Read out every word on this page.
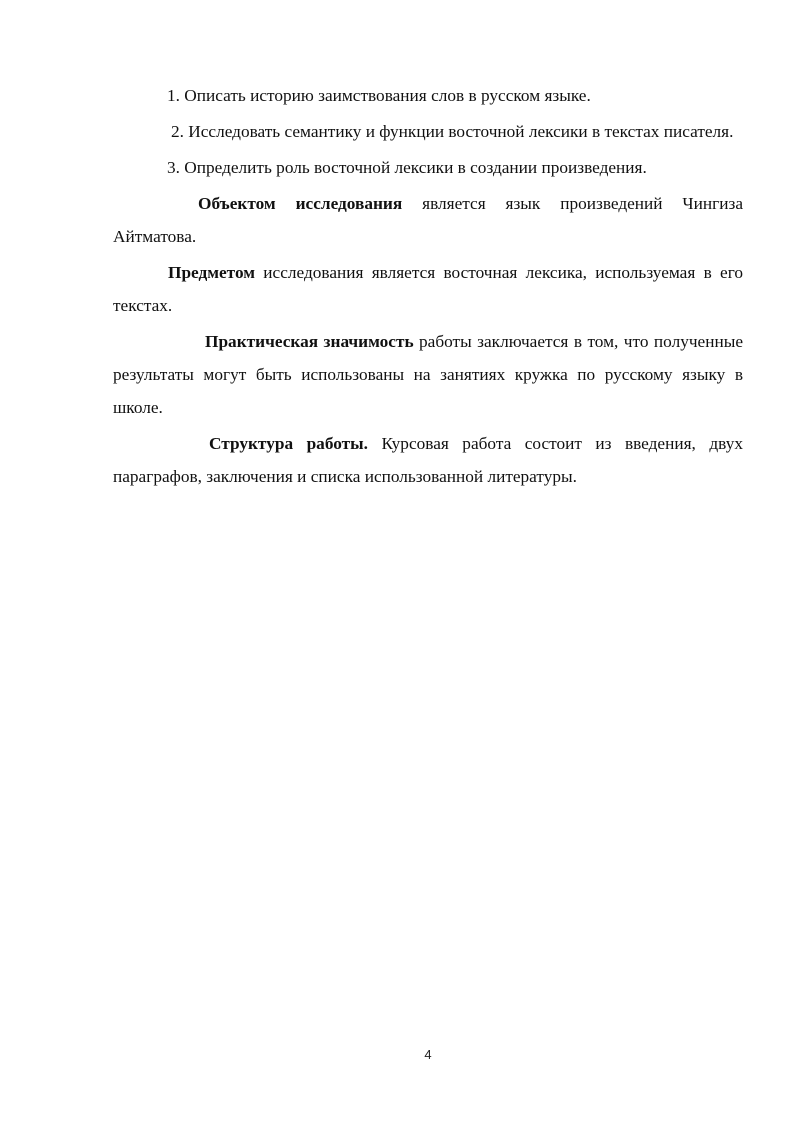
1. Описать историю заимствования слов в русском языке.

2. Исследовать семантику и функции восточной лексики в текстах писателя.

3. Определить роль восточной лексики в создании произведения.

Объектом исследования является язык произведений Чингиза Айтматова.

Предметом исследования является восточная лексика, используемая в его текстах.

Практическая значимость работы заключается в том, что полученные результаты могут быть использованы на занятиях кружка по русскому языку в школе.

Структура работы. Курсовая работа состоит из введения, двух параграфов, заключения и списка использованной литературы.

4
